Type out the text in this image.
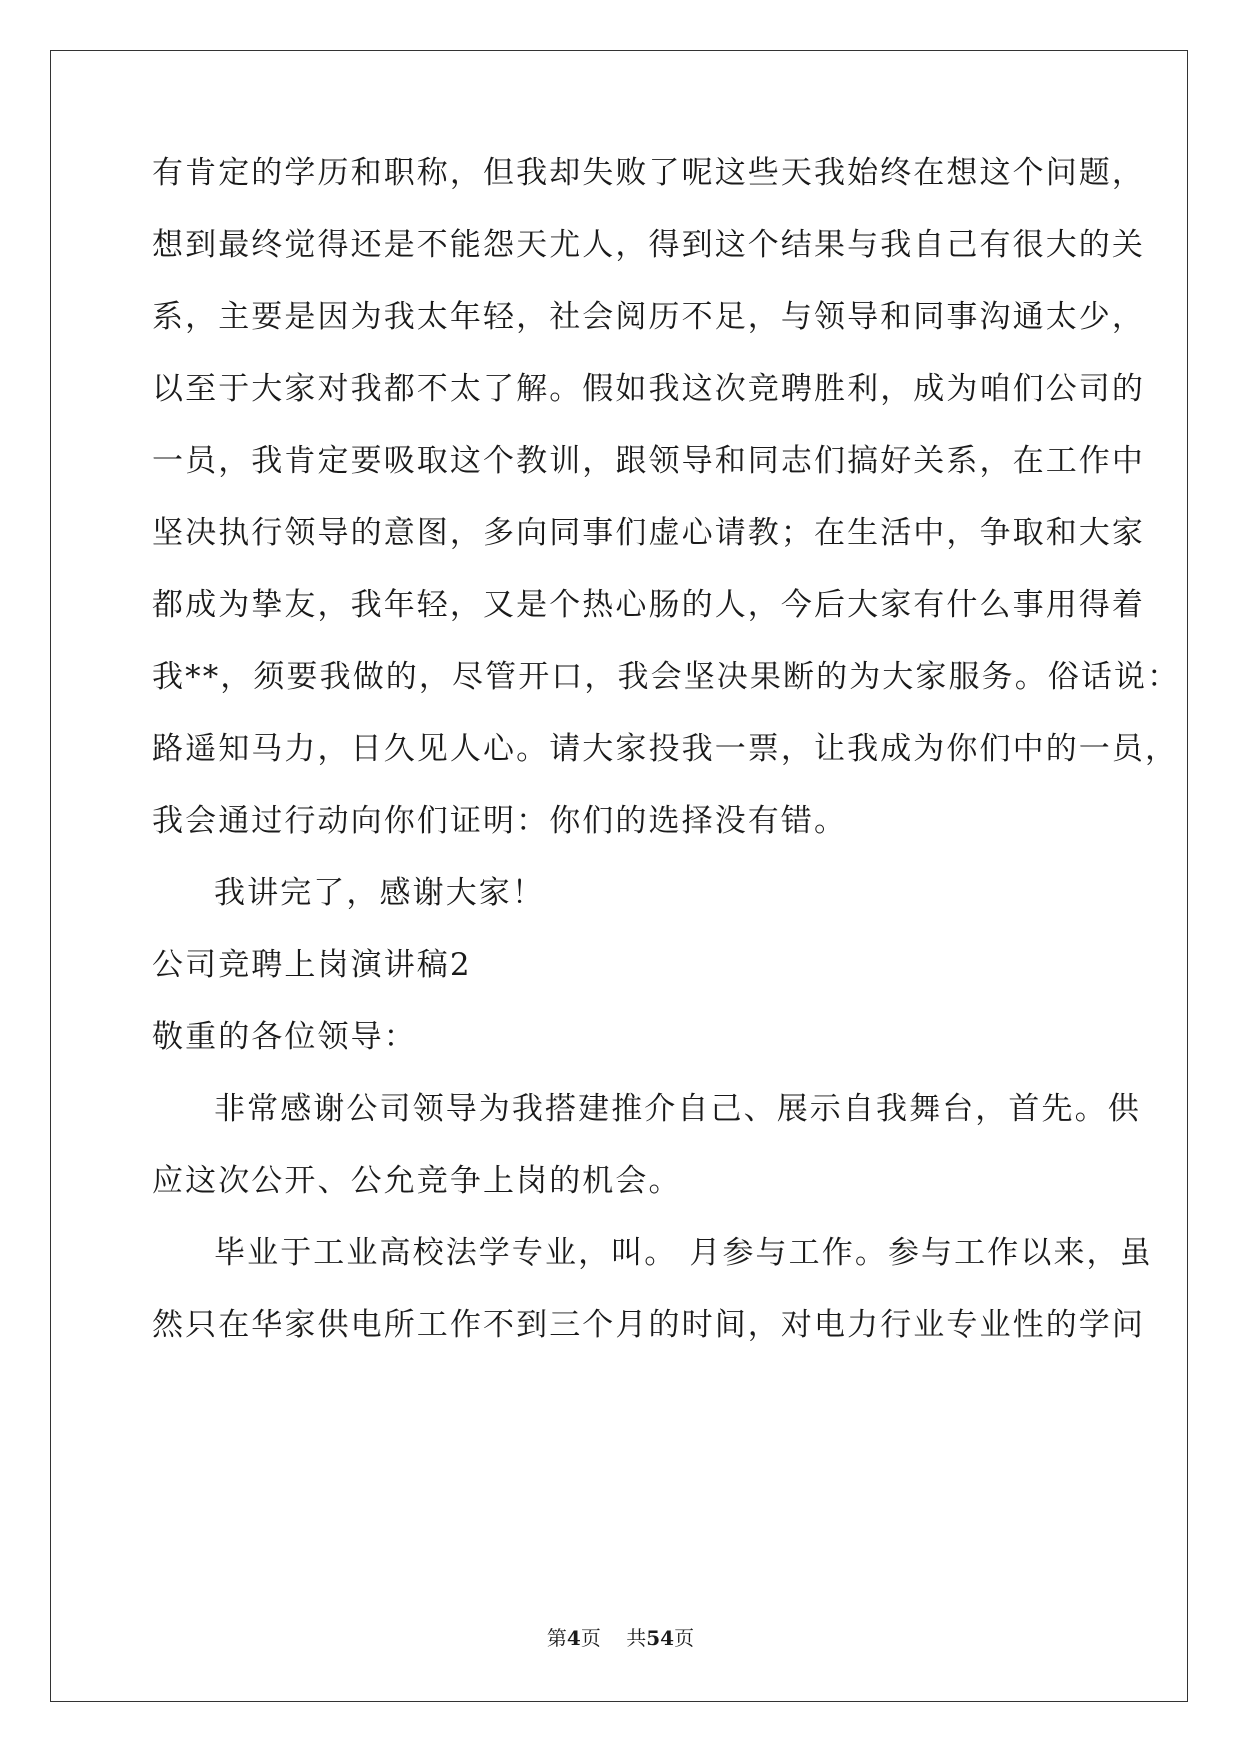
有肯定的学历和职称，但我却失败了呢这些天我始终在想这个问题，
想到最终觉得还是不能怨天尤人，得到这个结果与我自己有很大的关
系，主要是因为我太年轻，社会阅历不足，与领导和同事沟通太少，
以至于大家对我都不太了解。假如我这次竞聘胜利，成为咱们公司的
一员，我肯定要吸取这个教训，跟领导和同志们搞好关系，在工作中
坚决执行领导的意图，多向同事们虚心请教；在生活中，争取和大家
都成为挚友，我年轻，又是个热心肠的人，今后大家有什么事用得着
我**，须要我做的，尽管开口，我会坚决果断的为大家服务。俗话说：
路遥知马力，日久见人心。请大家投我一票，让我成为你们中的一员，
我会通过行动向你们证明：你们的选择没有错。
我讲完了，感谢大家！
公司竞聘上岗演讲稿2
敬重的各位领导：
非常感谢公司领导为我搭建推介自己、展示自我舞台，首先。供
应这次公开、公允竞争上岗的机会。
毕业于工业高校法学专业，叫。 月参与工作。参与工作以来，虽
然只在华家供电所工作不到三个月的时间，对电力行业专业性的学问
第4页 共54页
